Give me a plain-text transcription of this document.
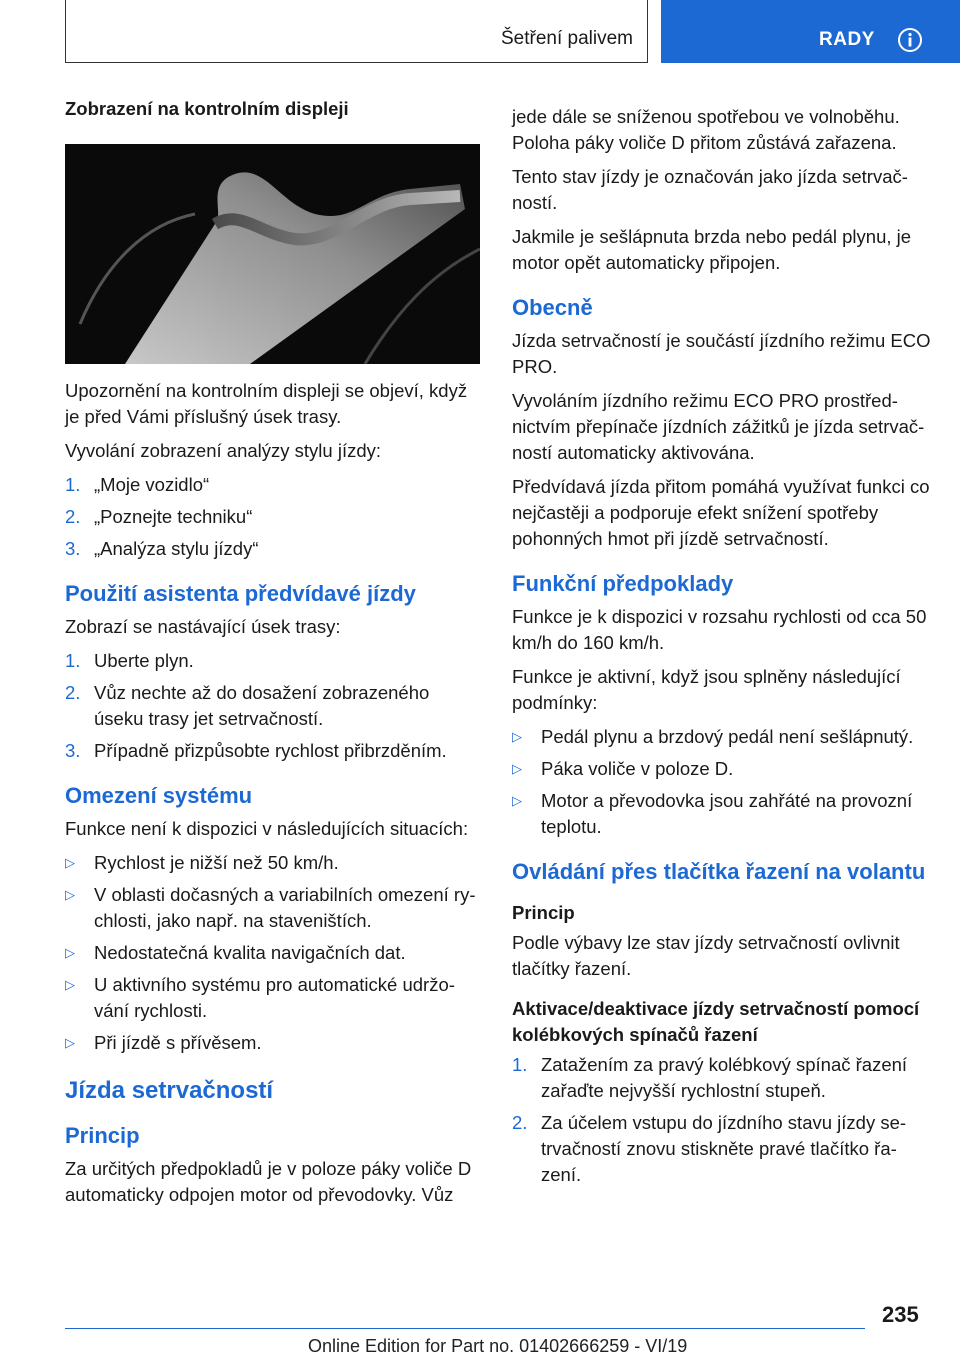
Šetření palivem	RADY
Zobrazení na kontrolním displeji

Upozornění na kontrolním displeji se objeví, když je před Vámi příslušný úsek trasy.

Vyvolání zobrazení analýzy stylu jízdy:

1. „Moje vozidlo“
2. „Poznejte techniku“
3. „Analýza stylu jízdy“
Použití asistenta předvídavé jízdy

Zobrazí se nastávající úsek trasy:

1. Uberte plyn.
2. Vůz nechte až do dosažení zobrazeného úseku trasy jet setrvačností.
3. Případně přizpůsobte rychlost přibrzděním.
Omezení systému

Funkce není k dispozici v následujících situacích:

▷ Rychlost je nižší než 50 km/h.
▷ V oblasti dočasných a variabilních omezení ry-chlosti, jako např. na staveništích.
▷ Nedostatečná kvalita navigačních dat.
▷ U aktivního systému pro automatické udržo-vání rychlosti.
▷ Při jízdě s přívěsem.
Jízda setrvačností
Princip

Za určitých předpokladů je v poloze páky voliče D automaticky odpojen motor od převodovky. Vůz

jede dále se sníženou spotřebou ve volnoběhu. Poloha páky voliče D přitom zůstává zařazena.

Tento stav jízdy je označován jako jízda setrvač-ností.

Jakmile je sešlápnuta brzda nebo pedál plynu, je motor opět automaticky připojen.

Obecně

Jízda setrvačností je součástí jízdního režimu ECO PRO.

Vyvoláním jízdního režimu ECO PRO prostřed-nictvím přepínače jízdních zážitků je jízda setrvač-ností automaticky aktivována.

Předvídavá jízda přitom pomáhá využívat funkci co nejčastěji a podporuje efekt snížení spotřeby pohonných hmot při jízdě setrvačností.

Funkční předpoklady

Funkce je k dispozici v rozsahu rychlosti od cca 50 km/h do 160 km/h.

Funkce je aktivní, když jsou splněny následující podmínky:

▷ Pedál plynu a brzdový pedál není sešlápnutý.
▷ Páka voliče v poloze D.
▷ Motor a převodovka jsou zahřáté na provozní teplotu.
Ovládání přes tlačítka řazení na volantu
Princip

Podle výbavy lze stav jízdy setrvačností ovlivnit tlačítky řazení.

Aktivace/deaktivace jízdy setrvačností pomocí kolébkových spínačů řazení
1. Zatažením za pravý kolébkový spínač řazení zařaďte nejvyšší rychlostní stupeň.
2. Za účelem vstupu do jízdního stavu jízdy se-trvačností znovu stiskněte pravé tlačítko řa-zení.
235
Online Edition for Part no. 01402666259 - VI/19
